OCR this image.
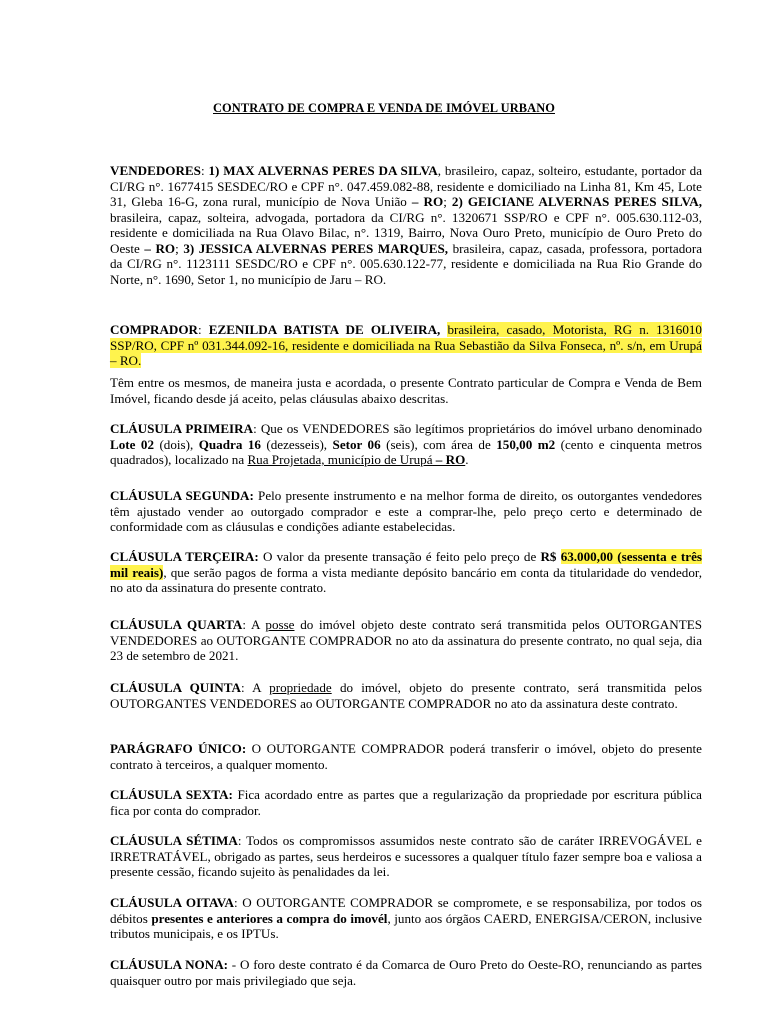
CONTRATO DE COMPRA E VENDA DE IMÓVEL URBANO

VENDEDORES: 1) MAX ALVERNAS PERES DA SILVA, brasileiro, capaz, solteiro, estudante, portador da CI/RG n°. 1677415 SESDEC/RO e CPF n°. 047.459.082-88, residente e domiciliado na Linha 81, Km 45, Lote 31, Gleba 16-G, zona rural, município de Nova União – RO; 2) GEICIANE ALVERNAS PERES SILVA, brasileira, capaz, solteira, advogada, portadora da CI/RG n°. 1320671 SSP/RO e CPF n°. 005.630.112-03, residente e domiciliada na Rua Olavo Bilac, n°. 1319, Bairro, Nova Ouro Preto, município de Ouro Preto do Oeste – RO; 3) JESSICA ALVERNAS PERES MARQUES, brasileira, capaz, casada, professora, portadora da CI/RG n°. 1123111 SESDC/RO e CPF n°. 005.630.122-77, residente e domiciliada na Rua Rio Grande do Norte, n°. 1690, Setor 1, no município de Jaru – RO.

COMPRADOR: EZENILDA BATISTA DE OLIVEIRA, brasileira, casado, Motorista, RG n. 1316010 SSP/RO, CPF nº 031.344.092-16, residente e domiciliada na Rua Sebastião da Silva Fonseca, nº. s/n, em Urupá – RO.

Têm entre os mesmos, de maneira justa e acordada, o presente Contrato particular de Compra e Venda de Bem Imóvel, ficando desde já aceito, pelas cláusulas abaixo descritas.

CLÁUSULA PRIMEIRA: Que os VENDEDORES são legítimos proprietários do imóvel urbano denominado Lote 02 (dois), Quadra 16 (dezesseis), Setor 06 (seis), com área de 150,00 m2 (cento e cinquenta metros quadrados), localizado na Rua Projetada, município de Urupá – RO.

CLÁUSULA SEGUNDA: Pelo presente instrumento e na melhor forma de direito, os outorgantes vendedores têm ajustado vender ao outorgado comprador e este a comprar-lhe, pelo preço certo e determinado de conformidade com as cláusulas e condições adiante estabelecidas.

CLÁUSULA TERÇEIRA: O valor da presente transação é feito pelo preço de R$ 63.000,00 (sessenta e três mil reais), que serão pagos de forma a vista mediante depósito bancário em conta da titularidade do vendedor, no ato da assinatura do presente contrato.

CLÁUSULA QUARTA: A posse do imóvel objeto deste contrato será transmitida pelos OUTORGANTES VENDEDORES ao OUTORGANTE COMPRADOR no ato da assinatura do presente contrato, no qual seja, dia 23 de setembro de 2021.

CLÁUSULA QUINTA: A propriedade do imóvel, objeto do presente contrato, será transmitida pelos OUTORGANTES VENDEDORES ao OUTORGANTE COMPRADOR no ato da assinatura deste contrato.

PARÁGRAFO ÚNICO: O OUTORGANTE COMPRADOR poderá transferir o imóvel, objeto do presente contrato à terceiros, a qualquer momento.

CLÁUSULA SEXTA: Fica acordado entre as partes que a regularização da propriedade por escritura pública fica por conta do comprador.

CLÁUSULA SÉTIMA: Todos os compromissos assumidos neste contrato são de caráter IRREVOGÁVEL e IRRETRATÁVEL, obrigado as partes, seus herdeiros e sucessores a qualquer título fazer sempre boa e valiosa a presente cessão, ficando sujeito às penalidades da lei.

CLÁUSULA OITAVA: O OUTORGANTE COMPRADOR se compromete, e se responsabiliza, por todos os débitos presentes e anteriores a compra do imovél, junto aos órgãos CAERD, ENERGISA/CERON, inclusive tributos municipais, e os IPTUs.

CLÁUSULA NONA: - O foro deste contrato é da Comarca de Ouro Preto do Oeste-RO, renunciando as partes quaisquer outro por mais privilegiado que seja.
